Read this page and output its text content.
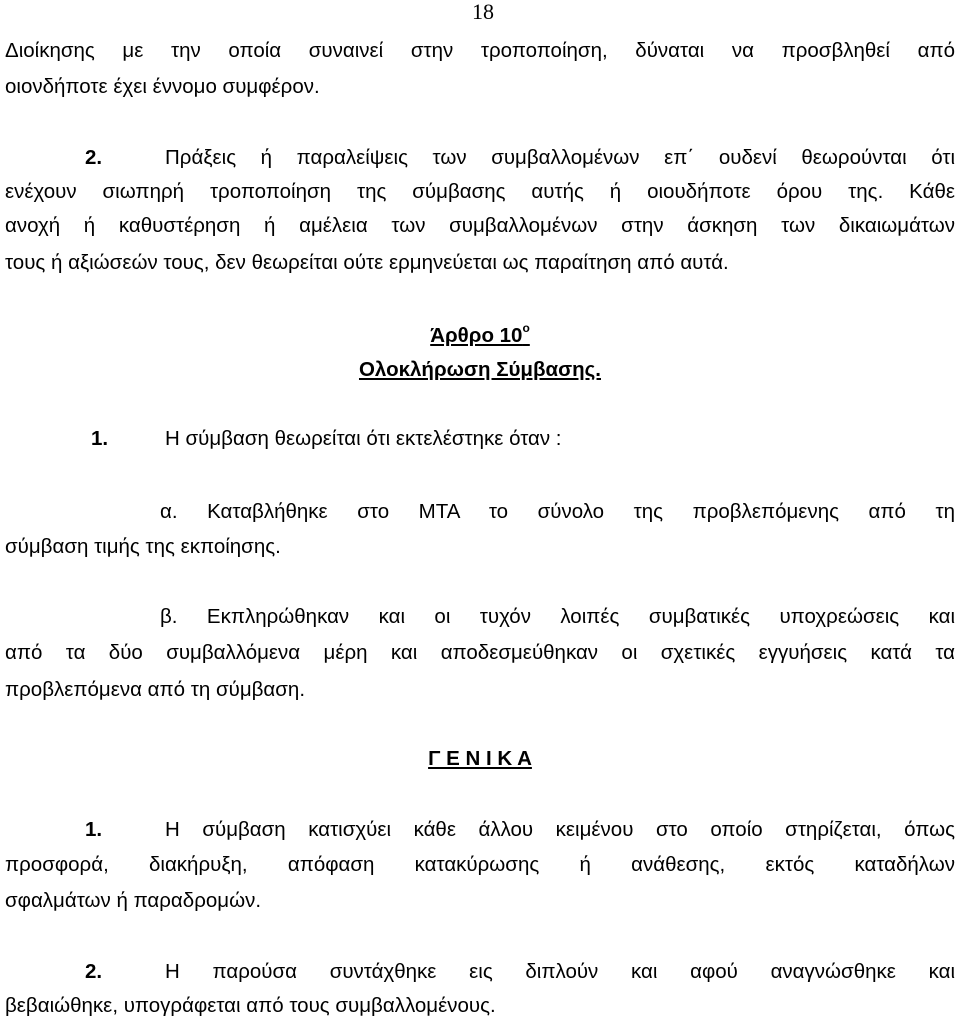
18
Διοίκησης με την οποία συναινεί στην τροποποίηση, δύναται να προσβληθεί από
οιονδήποτε έχει έννομο συμφέρον.
2.	Πράξεις ή παραλείψεις των συμβαλλομένων επ΄ ουδενί θεωρούνται ότι
ενέχουν σιωπηρή τροποποίηση της σύμβασης αυτής ή οιουδήποτε όρου της. Κάθε
ανοχή ή καθυστέρηση ή αμέλεια των συμβαλλομένων στην άσκηση των δικαιωμάτων
τους ή αξιώσεών τους, δεν θεωρείται ούτε ερμηνεύεται ως παραίτηση από αυτά.
Άρθρο $10^o$
Ολοκλήρωση Σύμβασης.
1.	Η σύμβαση θεωρείται ότι εκτελέστηκε όταν :
α. Καταβλήθηκε στο ΜΤΑ το σύνολο της προβλεπόμενης από τη
σύμβαση τιμής της εκποίησης.
β. Εκπληρώθηκαν και οι τυχόν λοιπές συμβατικές υποχρεώσεις και
από τα δύο συμβαλλόμενα μέρη και αποδεσμεύθηκαν οι σχετικές εγγυήσεις κατά τα
προβλεπόμενα από τη σύμβαση.
Γ Ε Ν Ι Κ Α
1.	Η σύμβαση κατισχύει κάθε άλλου κειμένου στο οποίο στηρίζεται, όπως
προσφορά, διακήρυξη, απόφαση κατακύρωσης ή ανάθεσης, εκτός καταδήλων
σφαλμάτων ή παραδρομών.
2.	Η παρούσα συντάχθηκε εις διπλούν και αφού αναγνώσθηκε και
βεβαιώθηκε, υπογράφεται από τους συμβαλλομένους.
